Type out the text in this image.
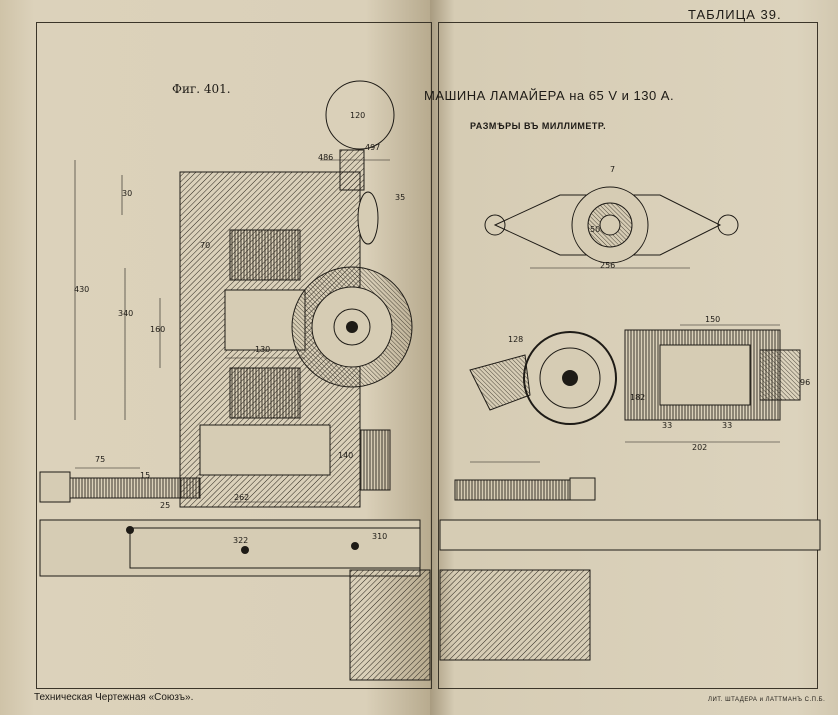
120
486
497
30
430
340
160
130
70
75
262
322	310
140
35
25
15
256
150
128
202
33	33
182
96
50
7
ТАБЛИЦА 39.
Фиг. 401.	МАШИНА ЛАМАЙЕРА на 65 V и 130 A.
РАЗМѢРЫ ВЪ МИЛЛИМЕТР.
Техническая Чертежная «Союзъ».	ЛИТ. ШТАДЕРА и ЛАТТМАНЪ С.П.Б.
